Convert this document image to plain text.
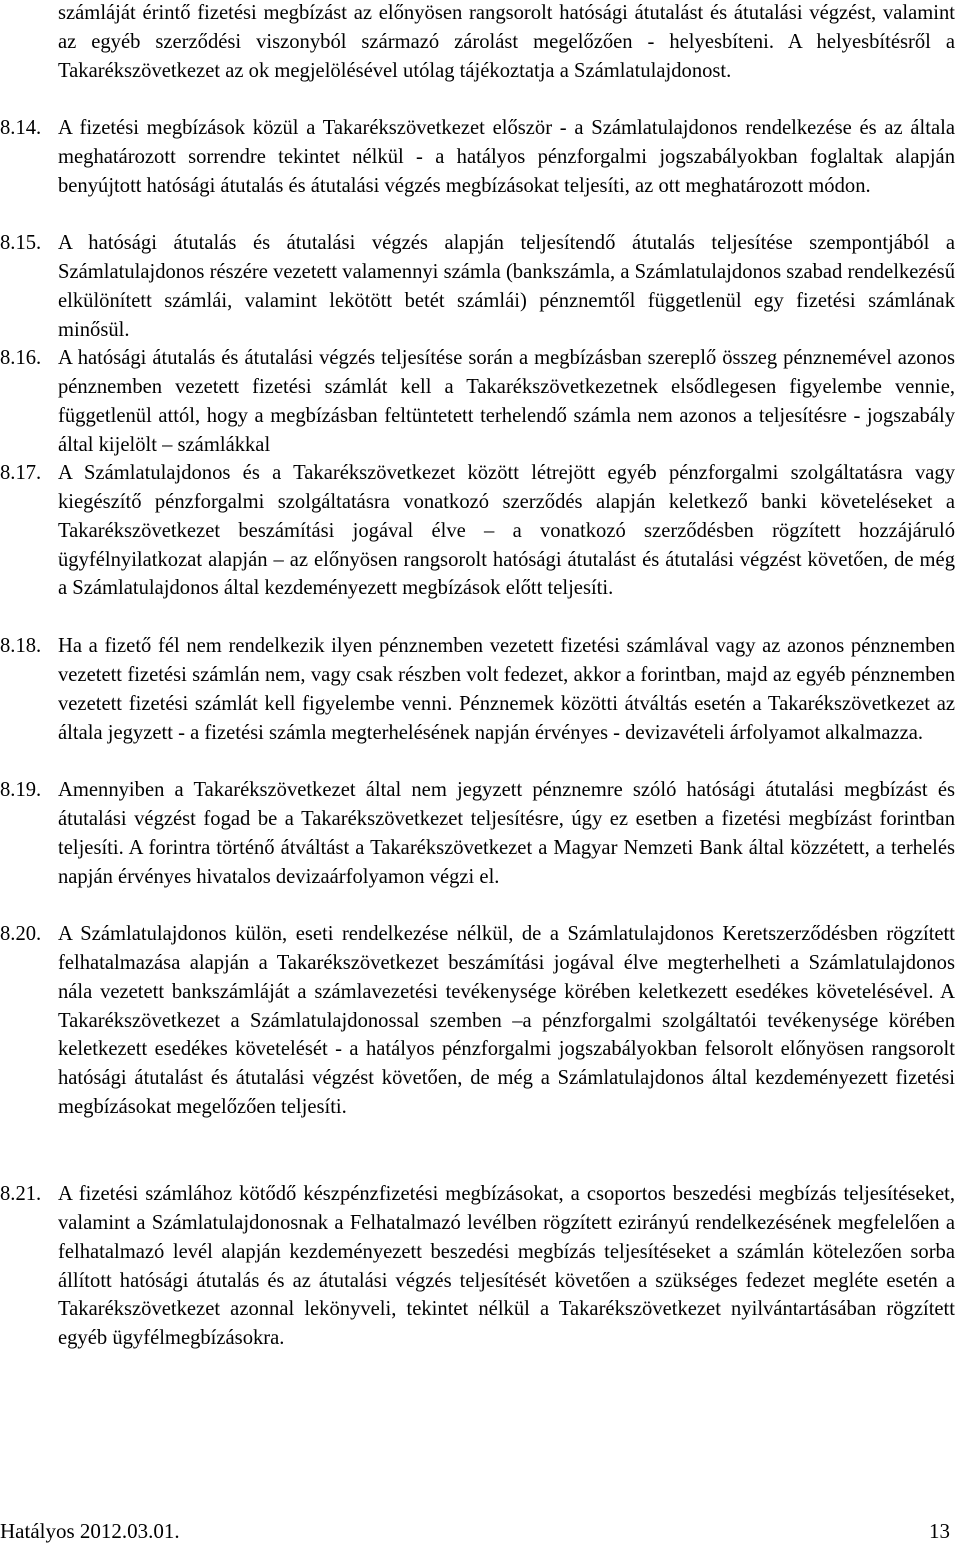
számláját érintő fizetési megbízást az előnyösen rangsorolt hatósági átutalást és átutalási végzést, valamint az egyéb szerződési viszonyból származó zárolást megelőzően - helyesbíteni. A helyesbítésről a Takarékszövetkezet az ok megjelölésével utólag tájékoztatja a Számlatulajdonost.
8.14. A fizetési megbízások közül a Takarékszövetkezet először - a Számlatulajdonos rendelkezése és az általa meghatározott sorrendre tekintet nélkül - a hatályos pénzforgalmi jogszabályokban foglaltak alapján benyújtott hatósági átutalás és átutalási végzés megbízásokat teljesíti, az ott meghatározott módon.
8.15. A hatósági átutalás és átutalási végzés alapján teljesítendő átutalás teljesítése szempontjából a Számlatulajdonos részére vezetett valamennyi számla (bankszámla, a Számlatulajdonos szabad rendelkezésű elkülönített számlái, valamint lekötött betét számlái) pénznemtől függetlenül egy fizetési számlának minősül.
8.16. A hatósági átutalás és átutalási végzés teljesítése során a megbízásban szereplő összeg pénznemével azonos pénznemben vezetett fizetési számlát kell a Takarékszövetkezetnek elsődlegesen figyelembe vennie, függetlenül attól, hogy a megbízásban feltüntetett terhelendő számla nem azonos a teljesítésre - jogszabály által kijelölt – számlákkal
8.17. A Számlatulajdonos és a Takarékszövetkezet között létrejött egyéb pénzforgalmi szolgáltatásra vagy kiegészítő pénzforgalmi szolgáltatásra vonatkozó szerződés alapján keletkező banki követeléseket a Takarékszövetkezet beszámítási jogával élve – a vonatkozó szerződésben rögzített hozzájáruló ügyfélnyilatkozat alapján – az előnyösen rangsorolt hatósági átutalást és átutalási végzést követően, de még a Számlatulajdonos által kezdeményezett megbízások előtt teljesíti.
8.18. Ha a fizető fél nem rendelkezik ilyen pénznemben vezetett fizetési számlával vagy az azonos pénznemben vezetett fizetési számlán nem, vagy csak részben volt fedezet, akkor a forintban, majd az egyéb pénznemben vezetett fizetési számlát kell figyelembe venni. Pénznemek közötti átváltás esetén a Takarékszövetkezet az általa jegyzett - a fizetési számla megterhelésének napján érvényes - devizavételi árfolyamot alkalmazza.
8.19. Amennyiben a Takarékszövetkezet által nem jegyzett pénznemre szóló hatósági átutalási megbízást és átutalási végzést fogad be a Takarékszövetkezet teljesítésre, úgy ez esetben a fizetési megbízást forintban teljesíti. A forintra történő átváltást a Takarékszövetkezet a Magyar Nemzeti Bank által közzétett, a terhelés napján érvényes hivatalos devizaárfolyamon végzi el.
8.20. A Számlatulajdonos külön, eseti rendelkezése nélkül, de a Számlatulajdonos Keretszerződésben rögzített felhatalmazása alapján a Takarékszövetkezet beszámítási jogával élve megterhelheti a Számlatulajdonos nála vezetett bankszámláját a számlavezetési tevékenysége körében keletkezett esedékes követelésével. A Takarékszövetkezet a Számlatulajdonossal szemben –a pénzforgalmi szolgáltatói tevékenysége körében keletkezett esedékes követelését - a hatályos pénzforgalmi jogszabályokban felsorolt előnyösen rangsorolt hatósági átutalást és átutalási végzést követően, de még a Számlatulajdonos által kezdeményezett fizetési megbízásokat megelőzően teljesíti.
8.21. A fizetési számlához kötődő készpénzfizetési megbízásokat, a csoportos beszedési megbízás teljesítéseket, valamint a Számlatulajdonosnak a Felhatalmazó levélben rögzített ezirányú rendelkezésének megfelelően a felhatalmazó levél alapján kezdeményezett beszedési megbízás teljesítéseket a számlán kötelezően sorba állított hatósági átutalás és az átutalási végzés teljesítését követően a szükséges fedezet megléte esetén a Takarékszövetkezet azonnal lekönyveli, tekintet nélkül a Takarékszövetkezet nyilvántartásában rögzített egyéb ügyfélmegbízásokra.
Hatályos 2012.03.01.	13
